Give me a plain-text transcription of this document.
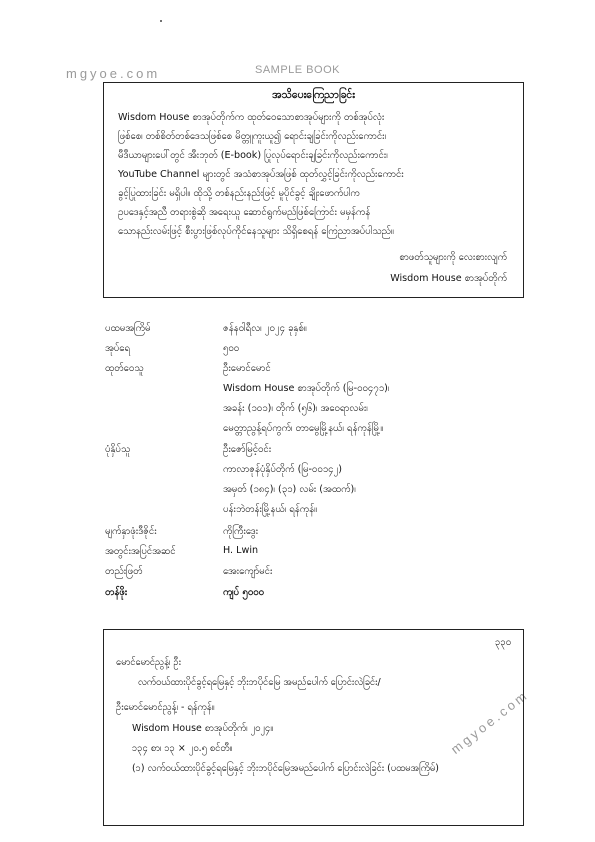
mgyoe.com	SAMPLE BOOK
mgyoe.com
အသိပေးကြေညာခြင်း
Wisdom House စာအုပ်တိုက်က ထုတ်ဝေသောစာအုပ်များကို တစ်အုပ်လုံး
ဖြစ်စေ၊ တစ်စိတ်တစ်ဒေသဖြစ်စေ မိတ္တူကူးယူ၍ ရောင်းချခြင်းကိုလည်းကောင်း၊
မီဒီယာများပေါ်တွင် အီးဘုတ် (E-book) ပြုလုပ်ရောင်းချခြင်းကိုလည်းကောင်း၊
YouTube Channel များတွင် အသံစာအုပ်အဖြစ် ထုတ်လွှင့်ခြင်းကိုလည်းကောင်း
ခွင့်ပြုထားခြင်း မရှိပါ။ ထိုသို့ တစ်နည်းနည်းဖြင့် မူပိုင်ခွင့် ချိုးဖောက်ပါက
ဥပဒေနှင့်အညီ တရားစွဲဆို အရေးယူ ဆောင်ရွက်မည်ဖြစ်ကြောင်း မမှန်ကန်
သောနည်းလမ်းဖြင့် စီးပွားဖြစ်လုပ်ကိုင်နေသူများ သိရှိစေရန် ကြေညာအပ်ပါသည်။
စာဖတ်သူများကို လေးစားလျက်
Wisdom House စာအုပ်တိုက်
ပထမအကြိမ်	ဇန်နဝါရီလ၊ ၂၀၂၄ ခုနှစ်။
အုပ်ရေ	၅၀၀
ထုတ်ဝေသူ	ဦးမောင်မောင်
Wisdom House စာအုပ်တိုက် (မြ-၀၀၄၇၁)၊
အခန်း (၁၀၁)၊ တိုက် (၅၆)၊ အဝေရာလမ်း၊
မေတ္တာညွန့်ရပ်ကွက်၊ တာမွေမြို့နယ်၊ ရန်ကုန်မြို့။
ပုံနှိပ်သူ	ဦးဇော်မြင့်ဝင်း
ကာလာဇုန်ပုံနှိပ်တိုက် (မြ-၀၀၁၄၂)
အမှတ် (၁၈၄)၊ (၃၁) လမ်း (အထက်)၊
ပန်းဘဲတန်းမြို့နယ်၊ ရန်ကုန်။
မျက်နှာဖုံးဒီဇိုင်း	ကိုကြီးဒွေး
အတွင်းအပြင်အဆင်	H. Lwin
တည်းဖြတ်	အေးကျော်မင်း
တန်ဖိုး	ကျပ် ၅၀၀၀
၃၃၀
မောင်မောင်ညွန့်၊ ဦး
လက်ဝယ်ထားပိုင်ခွင့်ရမြေနှင့် ဘိုးဘပိုင်မြေ အမည်ပေါက် ပြောင်းလဲခြင်း/
ဦးမောင်မောင်ညွန့်၊ - ရန်ကုန်။
Wisdom House စာအုပ်တိုက်၊ ၂၀၂၄။
၁၃၄ စာ၊ ၁၃ × ၂၀.၅ စင်တီ။
(၁) လက်ဝယ်ထားပိုင်ခွင့်ရမြေနှင့် ဘိုးဘပိုင်မြေအမည်ပေါက် ပြောင်းလဲခြင်း (ပထမအကြိမ်)
